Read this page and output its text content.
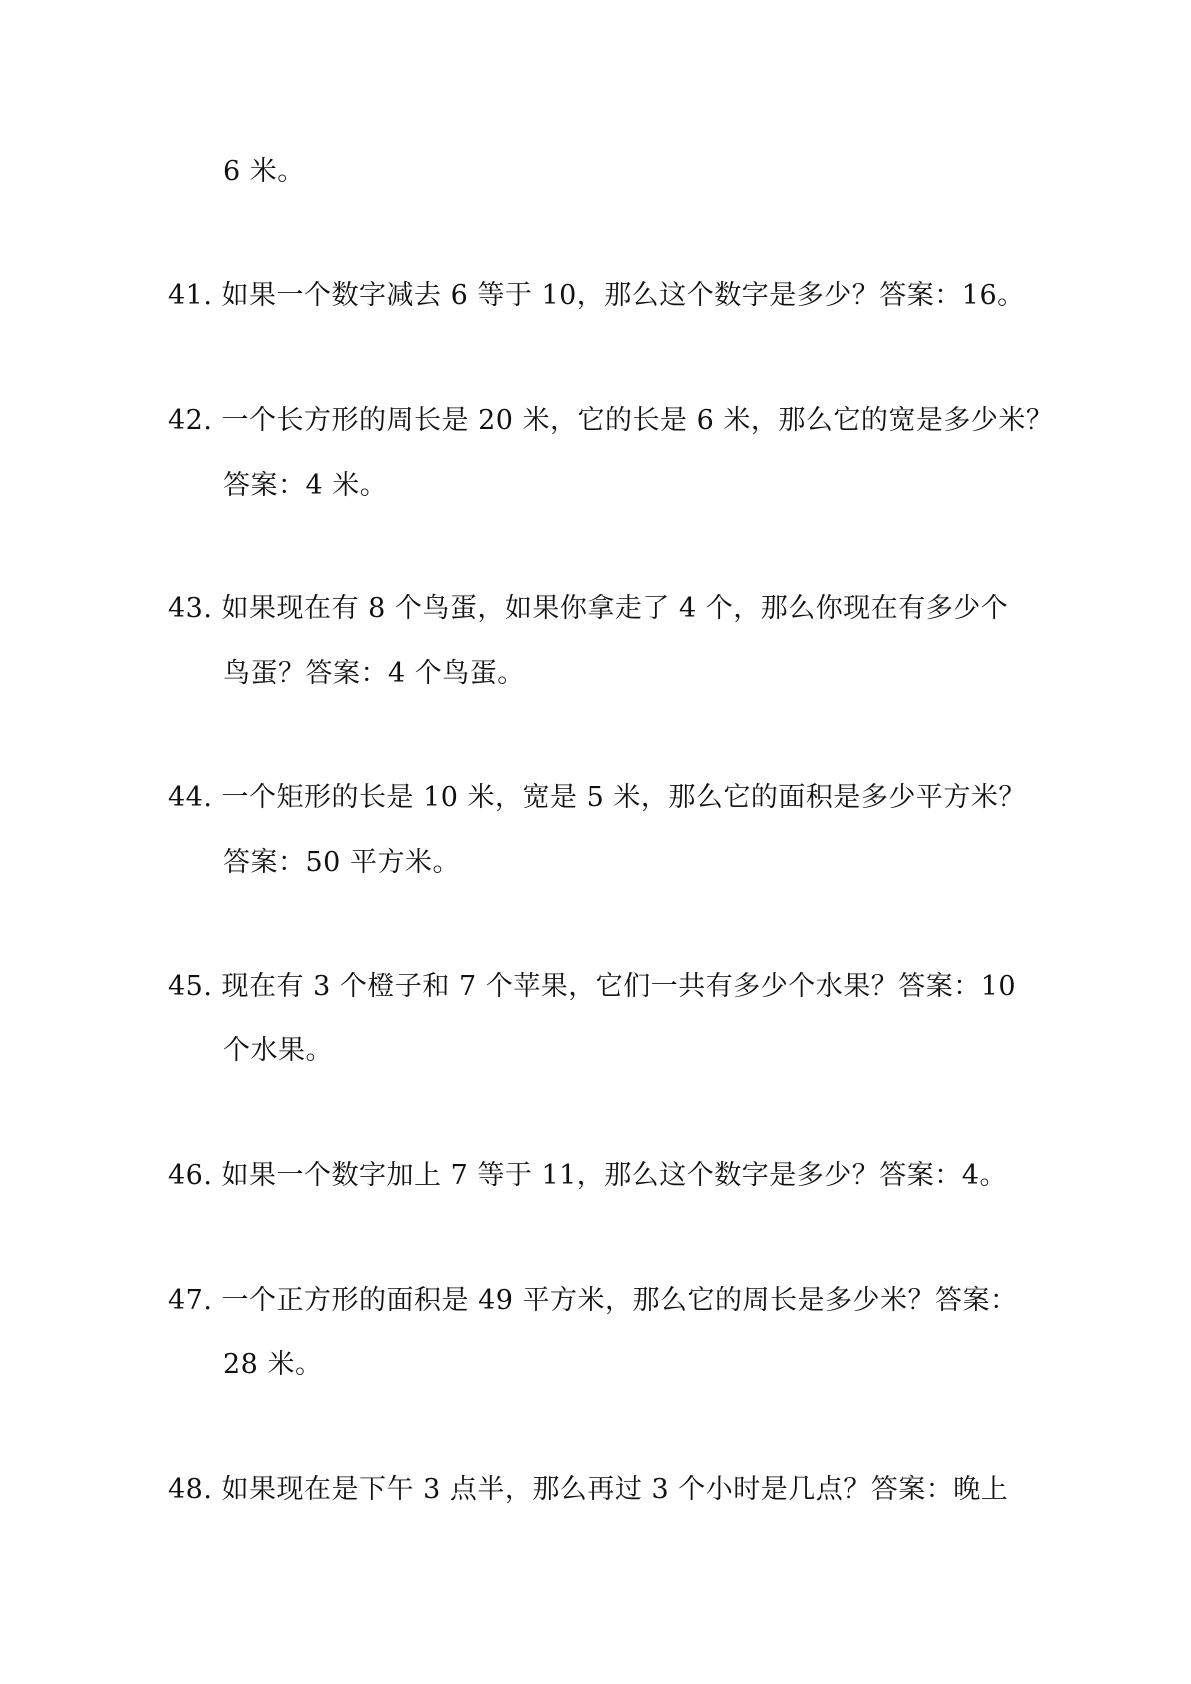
6 米。
41. 如果一个数字减去 6 等于 10，那么这个数字是多少？答案：16。
42. 一个长方形的周长是 20 米，它的长是 6 米，那么它的宽是多少米？
答案：4 米。
43. 如果现在有 8 个鸟蛋，如果你拿走了 4 个，那么你现在有多少个
鸟蛋？答案：4 个鸟蛋。
44. 一个矩形的长是 10 米，宽是 5 米，那么它的面积是多少平方米？
答案：50 平方米。
45. 现在有 3 个橙子和 7 个苹果，它们一共有多少个水果？答案：10
个水果。
46. 如果一个数字加上 7 等于 11，那么这个数字是多少？答案：4。
47. 一个正方形的面积是 49 平方米，那么它的周长是多少米？答案：
28 米。
48. 如果现在是下午 3 点半，那么再过 3 个小时是几点？答案：晚上
